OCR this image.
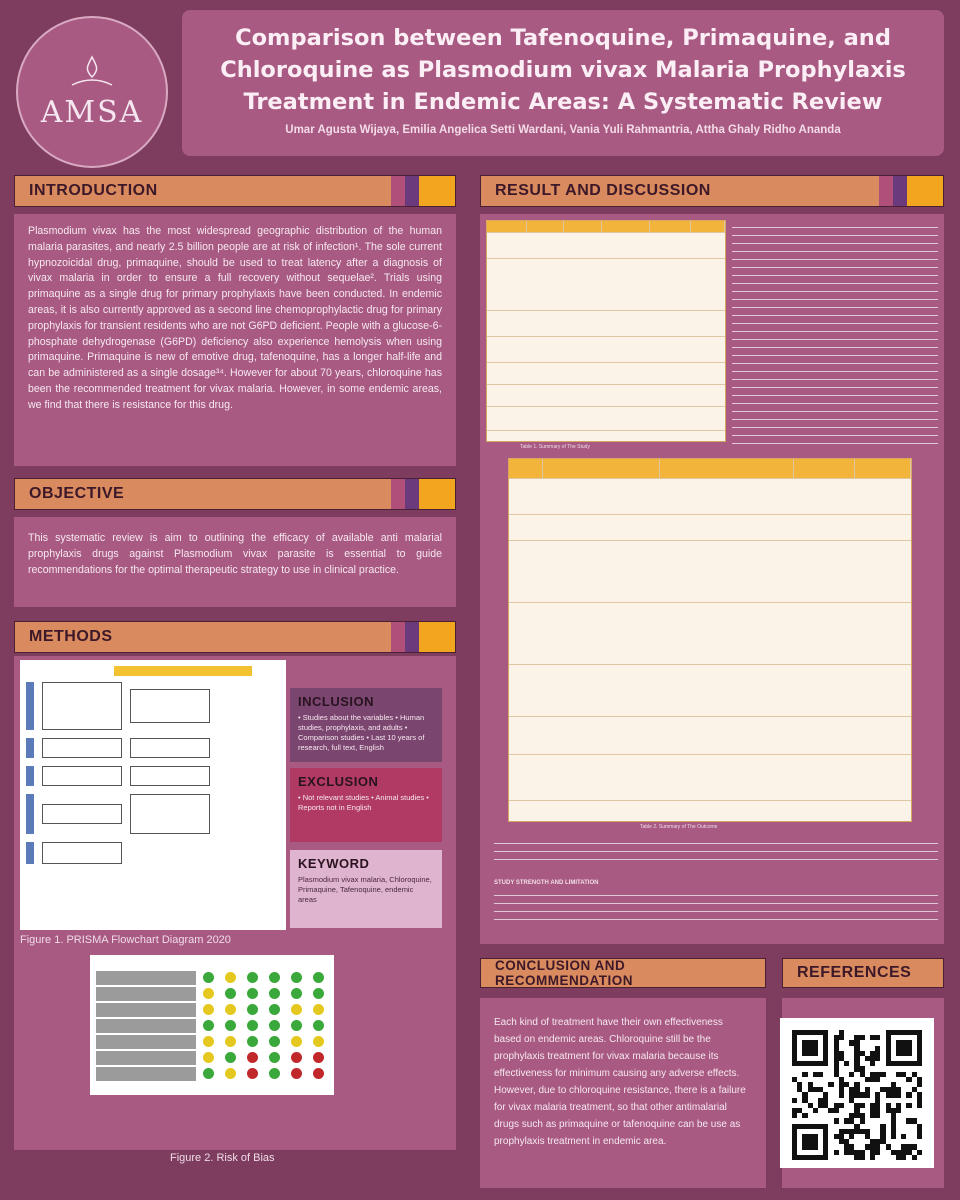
AMSA
Comparison between Tafenoquine, Primaquine, and Chloroquine as Plasmodium vivax Malaria Prophylaxis Treatment in Endemic Areas: A Systematic Review
Umar Agusta Wijaya, Emilia Angelica Setti Wardani, Vania Yuli Rahmantria, Attha Ghaly Ridho Ananda
INTRODUCTION

Plasmodium vivax has the most widespread geographic distribution of the human malaria parasites, and nearly 2.5 billion people are at risk of infection¹. The sole current hypnozoicidal drug, primaquine, should be used to treat latency after a diagnosis of vivax malaria in order to ensure a full recovery without sequelae². Trials using primaquine as a single drug for primary prophylaxis have been conducted. In endemic areas, it is also currently approved as a second line chemoprophylactic drug for primary prophylaxis for transient residents who are not G6PD deficient. People with a glucose-6-phosphate dehydrogenase (G6PD) deficiency also experience hemolysis when using primaquine. Primaquine is new of emotive drug, tafenoquine, has a longer half-life and can be administered as a single dosage³⁴. However for about 70 years, chloroquine has been the recommended treatment for vivax malaria. However, in some endemic areas, we find that there is resistance for this drug.

OBJECTIVE

This systematic review is aim to outlining the efficacy of available anti malarial prophylaxis drugs against Plasmodium vivax parasite is essential to guide recommendations for the optimal therapeutic strategy to use in clinical practice.

METHODS
Figure 1. PRISMA Flowchart Diagram 2020
INCLUSION

• Studies about the variables • Human studies, prophylaxis, and adults • Comparison studies • Last 10 years of research, full text, English

EXCLUSION

• Not relevant studies • Animal studies • Reports not in English

KEYWORD

Plasmodium vivax malaria, Chloroquine, Primaquine, Tafenoquine, endemic areas

Figure 2. Risk of Bias
RESULT AND DISCUSSION
Table 1. Summary of The Study
Table 2. Summary of The Outcome
STUDY STRENGTH AND LIMITATION
CONCLUSION AND RECOMMENDATION

Each kind of treatment have their own effectiveness based on endemic areas. Chloroquine still be the prophylaxis treatment for vivax malaria because its effectiveness for minimum causing any adverse effects. However, due to chloroquine resistance, there is a failure for vivax malaria treatment, so that other antimalarial drugs such as primaquine or tafenoquine can be use as prophylaxis treatment in endemic area.

REFERENCES
